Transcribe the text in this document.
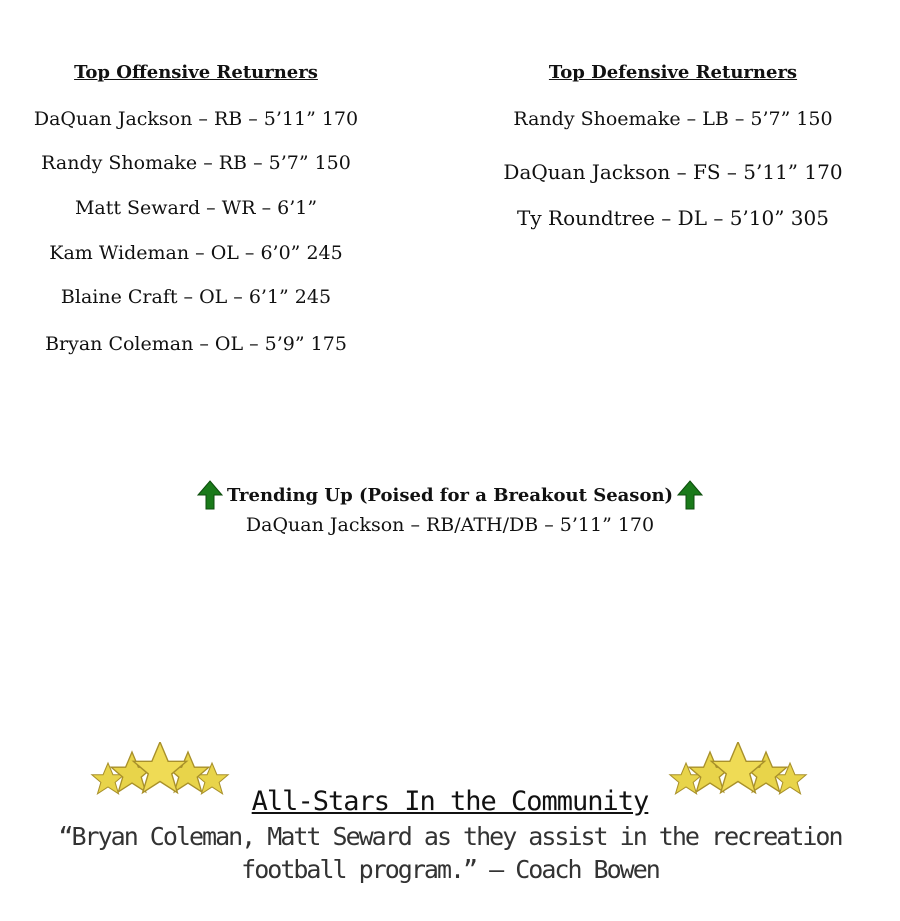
Top Offensive Returners
DaQuan Jackson – RB – 5’11” 170
Randy Shomake – RB – 5’7” 150
Matt Seward – WR – 6’1”
Kam Wideman – OL – 6’0” 245
Blaine Craft – OL – 6’1” 245
Bryan Coleman – OL – 5’9” 175
Top Defensive Returners
Randy Shoemake – LB – 5’7” 150
DaQuan Jackson – FS – 5’11” 170
Ty Roundtree – DL – 5’10” 305
Trending Up (Poised for a Breakout Season)
DaQuan Jackson – RB/ATH/DB – 5’11” 170
All-Stars In the Community
“Bryan Coleman, Matt Seward as they assist in the recreation football program.” – Coach Bowen
